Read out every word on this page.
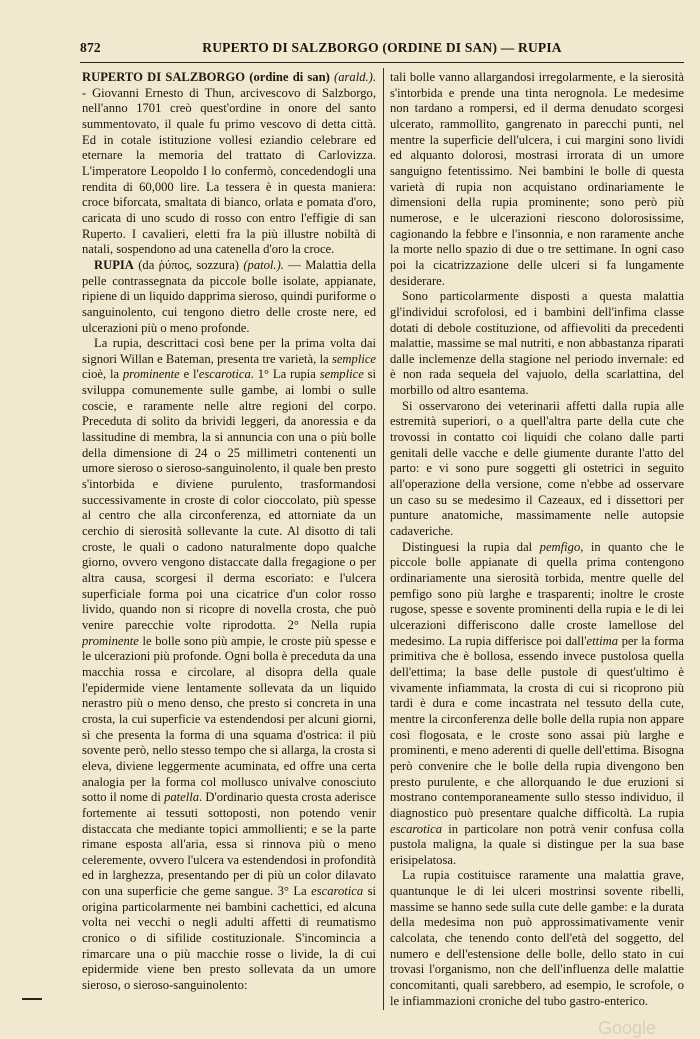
872	RUPERTO DI SALZBORGO (ORDINE DI SAN) — RUPIA

RUPERTO DI SALZBORGO (ordine di san) (arald.). - Giovanni Ernesto di Thun, arcivescovo di Salzborgo, nell'anno 1701 creò quest'ordine in onore del santo summentovato, il quale fu primo vescovo di detta città. Ed in cotale istituzione vollesi eziandio celebrare ed eternare la memoria del trattato di Carlovizza. L'imperatore Leopoldo I lo confermò, concedendogli una rendita di 60,000 lire. La tessera è in questa maniera: croce biforcata, smaltata di bianco, orlata e pomata d'oro, caricata di uno scudo di rosso con entro l'effigie di san Ruperto. I cavalieri, eletti fra la più illustre nobiltà di natali, sospendono ad una catenella d'oro la croce.

RUPIA (da ῥύπος, sozzura) (patol.). — Malattia della pelle contrassegnata da piccole bolle isolate, appianate, ripiene di un liquido dapprima sieroso, quindi puriforme o sanguinolento, cui tengono dietro delle croste nere, ed ulcerazioni più o meno profonde.

La rupia, descrittaci così bene per la prima volta dai signori Willan e Bateman, presenta tre varietà, la semplice cioè, la prominente e l'escarotica. 1° La rupia semplice si sviluppa comunemente sulle gambe, ai lombi o sulle coscie, e raramente nelle altre regioni del corpo. Preceduta di solito da brividi leggeri, da anoressia e da lassitudine di membra, la si annuncia con una o più bolle della dimensione di 24 o 25 millimetri contenenti un umore sieroso o sieroso-sanguinolento, il quale ben presto s'intorbida e diviene purulento, trasformandosi successivamente in croste di color cioccolato, più spesse al centro che alla circonferenza, ed attorniate da un cerchio di sierosità sollevante la cute. Al disotto di tali croste, le quali o cadono naturalmente dopo qualche giorno, ovvero vengono distaccate dalla fregagione o per altra causa, scorgesi il derma escoriato: e l'ulcera superficiale forma poi una cicatrice d'un color rosso livido, quando non si ricopre di novella crosta, che può venire parecchie volte riprodotta. 2° Nella rupia prominente le bolle sono più ampie, le croste più spesse e le ulcerazioni più profonde. Ogni bolla è preceduta da una macchia rossa e circolare, al disopra della quale l'epidermide viene lentamente sollevata da un liquido nerastro più o meno denso, che presto si concreta in una crosta, la cui superficie va estendendosi per alcuni giorni, sì che presenta la forma di una squama d'ostrica: il più sovente però, nello stesso tempo che si allarga, la crosta si eleva, diviene leggermente acuminata, ed offre una certa analogia per la forma col mollusco univalve conosciuto sotto il nome di patella. D'ordinario questa crosta aderisce fortemente ai tessuti sottoposti, non potendo venir distaccata che mediante topici ammollienti; e se la parte rimane esposta all'aria, essa si rinnova più o meno celeremente, ovvero l'ulcera va estendendosi in profondità ed in larghezza, presentando per di più un color dilavato con una superficie che geme sangue. 3° La escarotica si origina particolarmente nei bambini cachettici, ed alcuna volta nei vecchi o negli adulti affetti di reumatismo cronico o di sifilide costituzionale. S'incomincia a rimarcare una o più macchie rosse o livide, la di cui epidermide viene ben presto sollevata da un umore sieroso, o sieroso-sanguinolento:

tali bolle vanno allargandosi irregolarmente, e la sierosità s'intorbida e prende una tinta nerognola. Le medesime non tardano a rompersi, ed il derma denudato scorgesi ulcerato, rammollito, gangrenato in parecchi punti, nel mentre la superficie dell'ulcera, i cui margini sono lividi ed alquanto dolorosi, mostrasi irrorata di un umore sanguigno fetentissimo. Nei bambini le bolle di questa varietà di rupia non acquistano ordinariamente le dimensioni della rupia prominente; sono però più numerose, e le ulcerazioni riescono dolorosissime, cagionando la febbre e l'insonnia, e non raramente anche la morte nello spazio di due o tre settimane. In ogni caso poi la cicatrizzazione delle ulceri si fa lungamente desiderare.

Sono particolarmente disposti a questa malattia gl'individui scrofolosi, ed i bambini dell'infima classe dotati di debole costituzione, od affievoliti da precedenti malattie, massime se mal nutriti, e non abbastanza riparati dalle inclemenze della stagione nel periodo invernale: ed è non rada sequela del vajuolo, della scarlattina, del morbillo od altro esantema.

Si osservarono dei veterinarii affetti dalla rupia alle estremità superiori, o a quell'altra parte della cute che trovossi in contatto coi liquidi che colano dalle parti genitali delle vacche e delle giumente durante l'atto del parto: e vi sono pure soggetti gli ostetrici in seguito all'operazione della versione, come n'ebbe ad osservare un caso su se medesimo il Cazeaux, ed i dissettori per punture anatomiche, massimamente nelle autopsie cadaveriche.

Distinguesi la rupia dal pemfigo, in quanto che le piccole bolle appianate di quella prima contengono ordinariamente una sierosità torbida, mentre quelle del pemfigo sono più larghe e trasparenti; inoltre le croste rugose, spesse e sovente prominenti della rupia e le di lei ulcerazioni differiscono dalle croste lamellose del medesimo. La rupia differisce poi dall'ettima per la forma primitiva che è bollosa, essendo invece pustolosa quella dell'ettima; la base delle pustole di quest'ultimo è vivamente infiammata, la crosta di cui si ricoprono più tardi è dura e come incastrata nel tessuto della cute, mentre la circonferenza delle bolle della rupia non appare così flogosata, e le croste sono assai più larghe e prominenti, e meno aderenti di quelle dell'ettima. Bisogna però convenire che le bolle della rupia divengono ben presto purulente, e che allorquando le due eruzioni si mostrano contemporaneamente sullo stesso individuo, il diagnostico può presentare qualche difficoltà. La rupia escarotica in particolare non potrà venir confusa colla pustola maligna, la quale si distingue per la sua base erisipelatosa.

La rupia costituisce raramente una malattia grave, quantunque le di lei ulceri mostrinsi sovente ribelli, massime se hanno sede sulla cute delle gambe: e la durata della medesima non può approssimativamente venir calcolata, che tenendo conto dell'età del soggetto, del numero e dell'estensione delle bolle, dello stato in cui trovasi l'organismo, non che dell'influenza delle malattie concomitanti, quali sarebbero, ad esempio, le scrofole, o le infiammazioni croniche del tubo gastro-enterico.

Google
